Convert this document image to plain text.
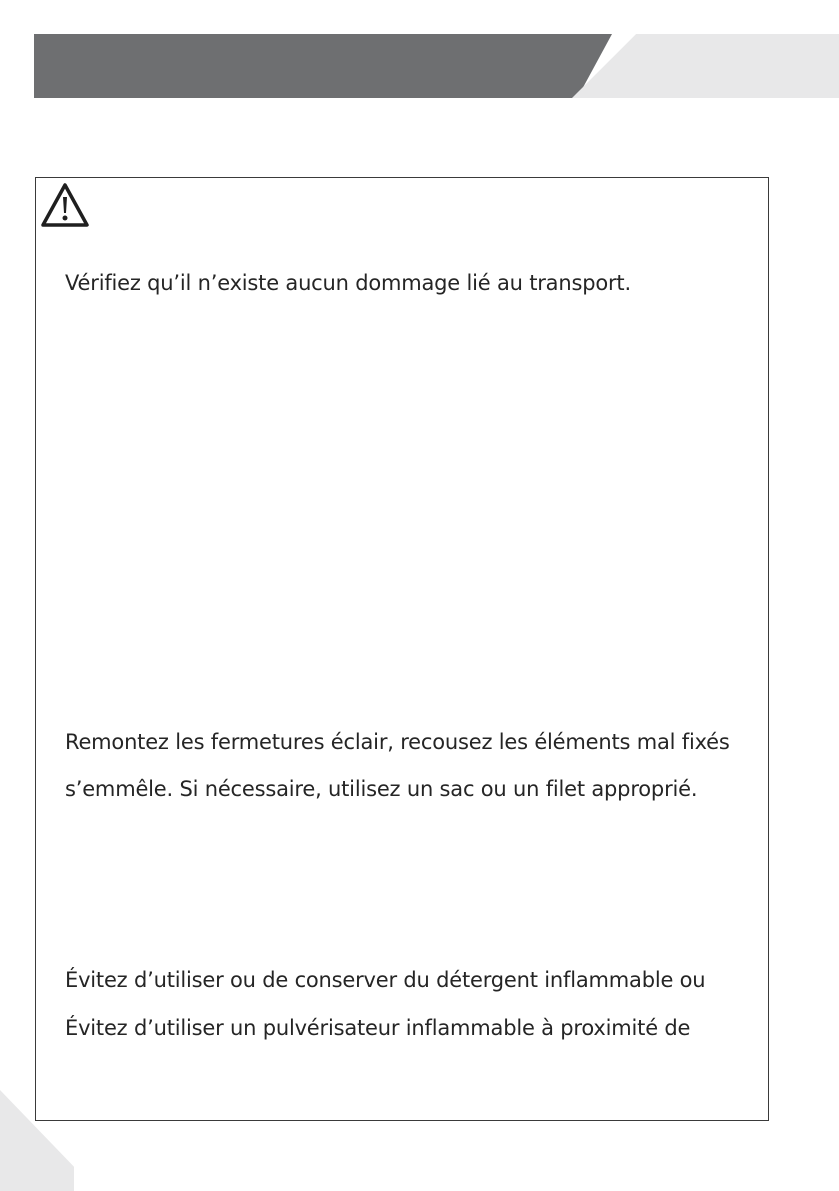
Vérifiez qu’il n’existe aucun dommage lié au transport.

Remontez les fermetures éclair, recousez les éléments mal fixés

s’emmêle. Si nécessaire, utilisez un sac ou un filet approprié.

Évitez d’utiliser ou de conserver du détergent inflammable ou

Évitez d’utiliser un pulvérisateur inflammable à proximité de
